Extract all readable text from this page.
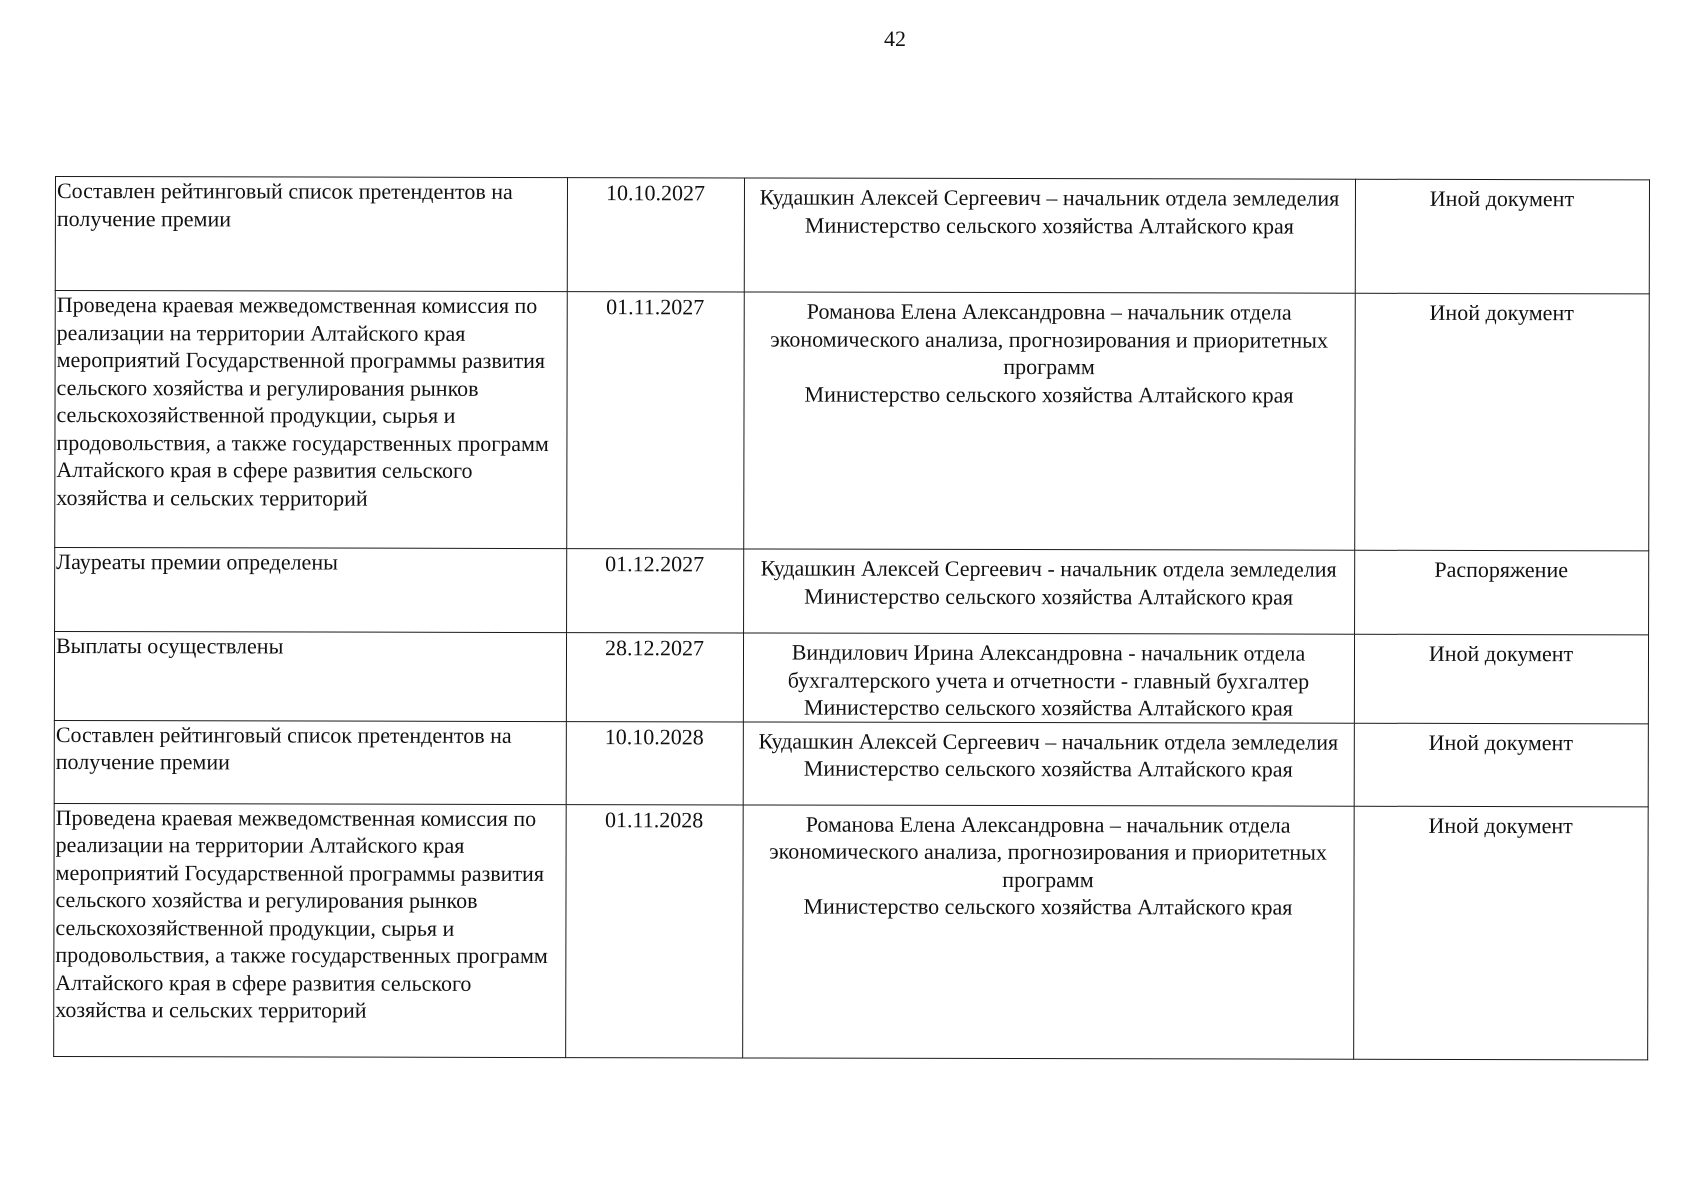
42
Составлен рейтинговый список претендентов на получение премии	10.10.2027	Кудашкин Алексей Сергеевич – начальник отдела земледелия
Министерство сельского хозяйства Алтайского края	Иной документ
Проведена краевая межведомственная комиссия по реализации на территории Алтайского края мероприятий Государственной программы развития сельского хозяйства и регулирования рынков сельскохозяйственной продукции, сырья и продовольствия, а также государственных программ Алтайского края в сфере развития сельского хозяйства и сельских территорий	01.11.2027	Романова Елена Александровна – начальник отдела экономического анализа, прогнозирования и приоритетных программ
Министерство сельского хозяйства Алтайского края	Иной документ
Лауреаты премии определены	01.12.2027	Кудашкин Алексей Сергеевич - начальник отдела земледелия
Министерство сельского хозяйства Алтайского края	Распоряжение
Выплаты осуществлены	28.12.2027	Виндилович Ирина Александровна - начальник отдела бухгалтерского учета и отчетности - главный бухгалтер
Министерство сельского хозяйства Алтайского края	Иной документ
Составлен рейтинговый список претендентов на получение премии	10.10.2028	Кудашкин Алексей Сергеевич – начальник отдела земледелия
Министерство сельского хозяйства Алтайского края	Иной документ
Проведена краевая межведомственная комиссия по реализации на территории Алтайского края мероприятий Государственной программы развития сельского хозяйства и регулирования рынков сельскохозяйственной продукции, сырья и продовольствия, а также государственных программ Алтайского края в сфере развития сельского хозяйства и сельских территорий	01.11.2028	Романова Елена Александровна – начальник отдела экономического анализа, прогнозирования и приоритетных программ
Министерство сельского хозяйства Алтайского края	Иной документ
